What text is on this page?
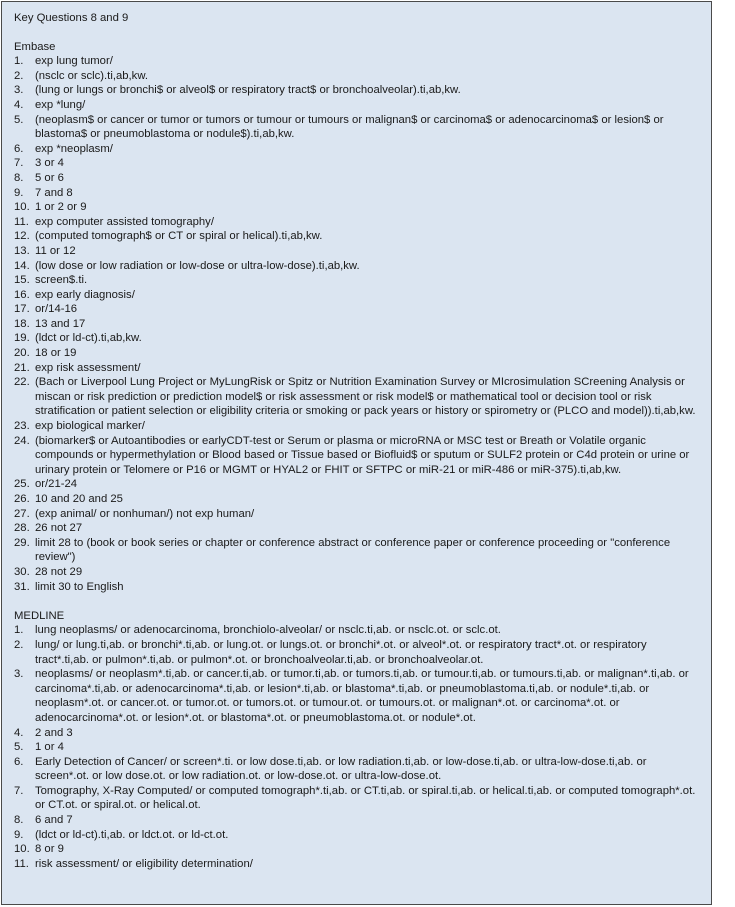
Key Questions 8 and 9
Embase
1.	exp lung tumor/
2.	(nsclc or sclc).ti,ab,kw.
3.	(lung or lungs or bronchi$ or alveol$ or respiratory tract$ or bronchoalveolar).ti,ab,kw.
4.	exp *lung/
5.	(neoplasm$ or cancer or tumor or tumors or tumour or tumours or malignan$ or carcinoma$ or adenocarcinoma$ or lesion$ or blastoma$ or pneumoblastoma or nodule$).ti,ab,kw.
6.	exp *neoplasm/
7.	3 or 4
8.	5 or 6
9.	7 and 8
10. 1 or 2 or 9
11. exp computer assisted tomography/
12. (computed tomograph$ or CT or spiral or helical).ti,ab,kw.
13. 11 or 12
14. (low dose or low radiation or low-dose or ultra-low-dose).ti,ab,kw.
15. screen$.ti.
16. exp early diagnosis/
17. or/14-16
18. 13 and 17
19. (ldct or ld-ct).ti,ab,kw.
20. 18 or 19
21. exp risk assessment/
22. (Bach or Liverpool Lung Project or MyLungRisk or Spitz or Nutrition Examination Survey or MIcrosimulation SCreening Analysis or miscan or risk prediction or prediction model$ or risk assessment or risk model$ or mathematical tool or decision tool or risk stratification or patient selection or eligibility criteria or smoking or pack years or history or spirometry or (PLCO and model)).ti,ab,kw.
23. exp biological marker/
24. (biomarker$ or Autoantibodies or earlyCDT-test or Serum or plasma or microRNA or MSC test or Breath or Volatile organic compounds or hypermethylation or Blood based or Tissue based or Biofluid$ or sputum or SULF2 protein or C4d protein or urine or urinary protein or Telomere or P16 or MGMT or HYAL2 or FHIT or SFTPC or miR-21 or miR-486 or miR-375).ti,ab,kw.
25. or/21-24
26. 10 and 20 and 25
27. (exp animal/ or nonhuman/) not exp human/
28. 26 not 27
29. limit 28 to (book or book series or chapter or conference abstract or conference paper or conference proceeding or "conference review")
30. 28 not 29
31. limit 30 to English
MEDLINE
1.	lung neoplasms/ or adenocarcinoma, bronchiolo-alveolar/ or nsclc.ti,ab. or nsclc.ot. or sclc.ot.
2.	lung/ or lung.ti,ab. or bronchi*.ti,ab. or lung.ot. or lungs.ot. or bronchi*.ot. or alveol*.ot. or respiratory tract*.ot. or respiratory tract*.ti,ab. or pulmon*.ti,ab. or pulmon*.ot. or bronchoalveolar.ti,ab. or bronchoalveolar.ot.
3.	neoplasms/ or neoplasm*.ti,ab. or cancer.ti,ab. or tumor.ti,ab. or tumors.ti,ab. or tumour.ti,ab. or tumours.ti,ab. or malignan*.ti,ab. or carcinoma*.ti,ab. or adenocarcinoma*.ti,ab. or lesion*.ti,ab. or blastoma*.ti,ab. or pneumoblastoma.ti,ab. or nodule*.ti,ab. or neoplasm*.ot. or cancer.ot. or tumor.ot. or tumors.ot. or tumour.ot. or tumours.ot. or malignan*.ot. or carcinoma*.ot. or adenocarcinoma*.ot. or lesion*.ot. or blastoma*.ot. or pneumoblastoma.ot. or nodule*.ot.
4.	2 and 3
5.	1 or 4
6.	Early Detection of Cancer/ or screen*.ti. or low dose.ti,ab. or low radiation.ti,ab. or low-dose.ti,ab. or ultra-low-dose.ti,ab. or screen*.ot. or low dose.ot. or low radiation.ot. or low-dose.ot. or ultra-low-dose.ot.
7.	Tomography, X-Ray Computed/ or computed tomograph*.ti,ab. or CT.ti,ab. or spiral.ti,ab. or helical.ti,ab. or computed tomograph*.ot. or CT.ot. or spiral.ot. or helical.ot.
8.	6 and 7
9.	(ldct or ld-ct).ti,ab. or ldct.ot. or ld-ct.ot.
10. 8 or 9
11. risk assessment/ or eligibility determination/
